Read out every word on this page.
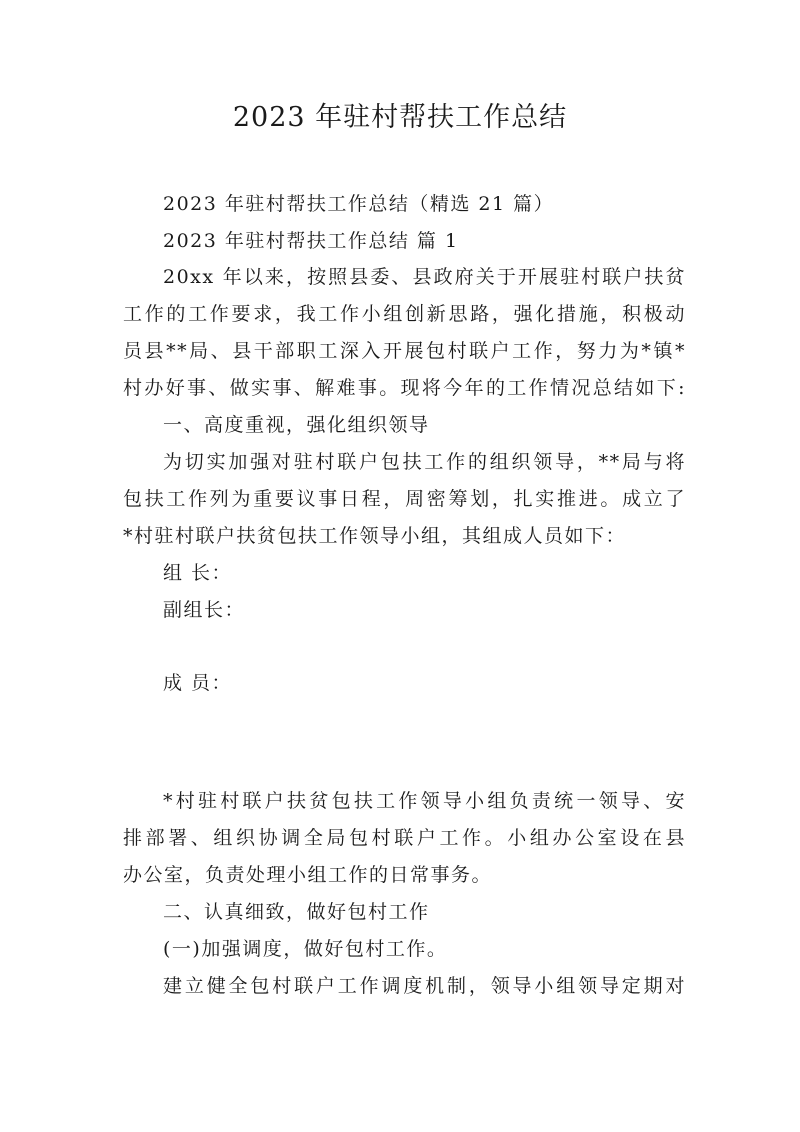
2023 年驻村帮扶工作总结
2023 年驻村帮扶工作总结（精选 21 篇）
2023 年驻村帮扶工作总结 篇 1
20xx 年以来，按照县委、县政府关于开展驻村联户扶贫
工作的工作要求，我工作小组创新思路，强化措施，积极动
员县**局、县干部职工深入开展包村联户工作，努力为*镇*
村办好事、做实事、解难事。现将今年的工作情况总结如下:
一、高度重视，强化组织领导
为切实加强对驻村联户包扶工作的组织领导，**局与将
包扶工作列为重要议事日程，周密筹划，扎实推进。成立了
*村驻村联户扶贫包扶工作领导小组，其组成人员如下：
组 长：
副组长：
成 员：
*村驻村联户扶贫包扶工作领导小组负责统一领导、安
排部署、组织协调全局包村联户工作。小组办公室设在县
办公室，负责处理小组工作的日常事务。
二、认真细致，做好包村工作
(一)加强调度，做好包村工作。
建立健全包村联户工作调度机制，领导小组领导定期对
